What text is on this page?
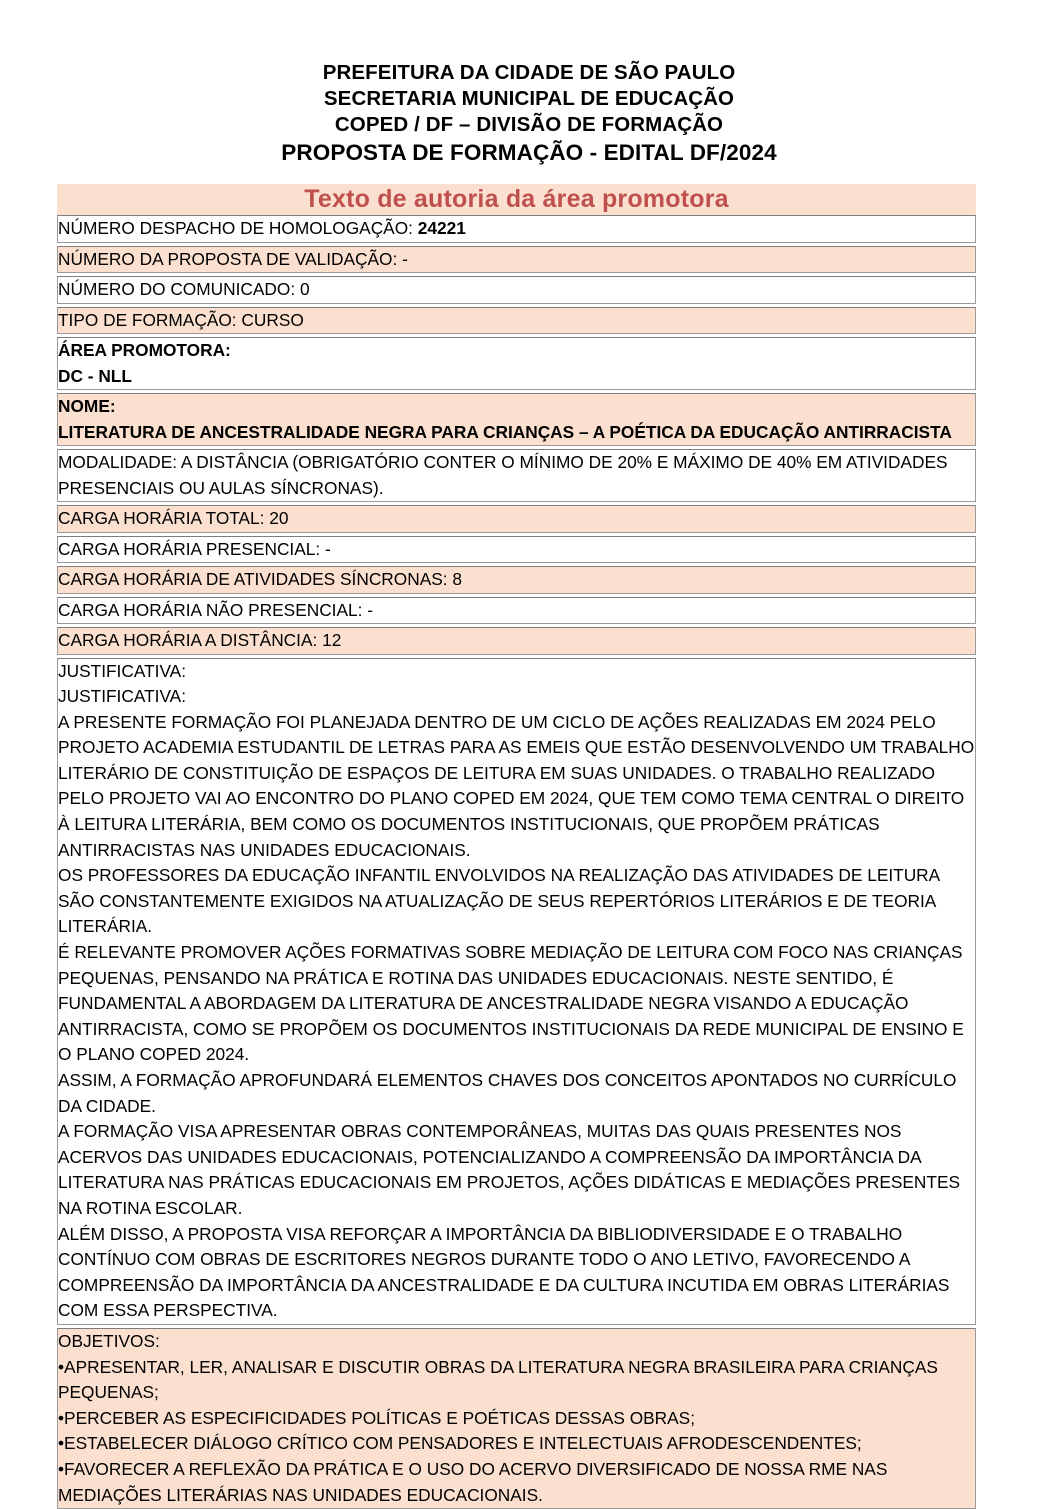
PREFEITURA DA CIDADE DE SÃO PAULO
SECRETARIA MUNICIPAL DE EDUCAÇÃO
COPED / DF – DIVISÃO DE FORMAÇÃO
PROPOSTA DE FORMAÇÃO - EDITAL DF/2024
Texto de autoria da área promotora

NÚMERO DESPACHO DE HOMOLOGAÇÃO: 24221

NÚMERO DA PROPOSTA DE VALIDAÇÃO: -

NÚMERO DO COMUNICADO: 0

TIPO DE FORMAÇÃO: CURSO

ÁREA PROMOTORA:

DC - NLL

NOME:

LITERATURA DE ANCESTRALIDADE NEGRA PARA CRIANÇAS – A POÉTICA DA EDUCAÇÃO ANTIRRACISTA

MODALIDADE: A DISTÂNCIA (OBRIGATÓRIO CONTER O MÍNIMO DE 20% E MÁXIMO DE 40% EM ATIVIDADES PRESENCIAIS OU AULAS SÍNCRONAS).

CARGA HORÁRIA TOTAL: 20

CARGA HORÁRIA PRESENCIAL: -

CARGA HORÁRIA DE ATIVIDADES SÍNCRONAS: 8

CARGA HORÁRIA NÃO PRESENCIAL: -

CARGA HORÁRIA A DISTÂNCIA: 12

JUSTIFICATIVA:

JUSTIFICATIVA:

A PRESENTE FORMAÇÃO FOI PLANEJADA DENTRO DE UM CICLO DE AÇÕES REALIZADAS EM 2024 PELO PROJETO ACADEMIA ESTUDANTIL DE LETRAS PARA AS EMEIS QUE ESTÃO DESENVOLVENDO UM TRABALHO LITERÁRIO DE CONSTITUIÇÃO DE ESPAÇOS DE LEITURA EM SUAS UNIDADES. O TRABALHO REALIZADO PELO PROJETO VAI AO ENCONTRO DO PLANO COPED EM 2024, QUE TEM COMO TEMA CENTRAL O DIREITO À LEITURA LITERÁRIA, BEM COMO OS DOCUMENTOS INSTITUCIONAIS, QUE PROPÕEM PRÁTICAS ANTIRRACISTAS NAS UNIDADES EDUCACIONAIS.

OS PROFESSORES DA EDUCAÇÃO INFANTIL ENVOLVIDOS NA REALIZAÇÃO DAS ATIVIDADES DE LEITURA SÃO CONSTANTEMENTE EXIGIDOS NA ATUALIZAÇÃO DE SEUS REPERTÓRIOS LITERÁRIOS E DE TEORIA LITERÁRIA.

É RELEVANTE PROMOVER AÇÕES FORMATIVAS SOBRE MEDIAÇÃO DE LEITURA COM FOCO NAS CRIANÇAS PEQUENAS, PENSANDO NA PRÁTICA E ROTINA DAS UNIDADES EDUCACIONAIS. NESTE SENTIDO, É FUNDAMENTAL A ABORDAGEM DA LITERATURA DE ANCESTRALIDADE NEGRA VISANDO A EDUCAÇÃO ANTIRRACISTA, COMO SE PROPÕEM OS DOCUMENTOS INSTITUCIONAIS DA REDE MUNICIPAL DE ENSINO E O PLANO COPED 2024.

ASSIM, A FORMAÇÃO APROFUNDARÁ ELEMENTOS CHAVES DOS CONCEITOS APONTADOS NO CURRÍCULO DA CIDADE.

A FORMAÇÃO VISA APRESENTAR OBRAS CONTEMPORÂNEAS, MUITAS DAS QUAIS PRESENTES NOS ACERVOS DAS UNIDADES EDUCACIONAIS, POTENCIALIZANDO A COMPREENSÃO DA IMPORTÂNCIA DA LITERATURA NAS PRÁTICAS EDUCACIONAIS EM PROJETOS, AÇÕES DIDÁTICAS E MEDIAÇÕES PRESENTES NA ROTINA ESCOLAR.

ALÉM DISSO, A PROPOSTA VISA REFORÇAR A IMPORTÂNCIA DA BIBLIODIVERSIDADE E O TRABALHO CONTÍNUO COM OBRAS DE ESCRITORES NEGROS DURANTE TODO O ANO LETIVO, FAVORECENDO A COMPREENSÃO DA IMPORTÂNCIA DA ANCESTRALIDADE E DA CULTURA INCUTIDA EM OBRAS LITERÁRIAS COM ESSA PERSPECTIVA.

OBJETIVOS:

•APRESENTAR, LER, ANALISAR E DISCUTIR OBRAS DA LITERATURA NEGRA BRASILEIRA PARA CRIANÇAS PEQUENAS;

•PERCEBER AS ESPECIFICIDADES POLÍTICAS E POÉTICAS DESSAS OBRAS;

•ESTABELECER DIÁLOGO CRÍTICO COM PENSADORES E INTELECTUAIS AFRODESCENDENTES;

•FAVORECER A REFLEXÃO DA PRÁTICA E O USO DO ACERVO DIVERSIFICADO DE NOSSA RME NAS MEDIAÇÕES LITERÁRIAS NAS UNIDADES EDUCACIONAIS.
